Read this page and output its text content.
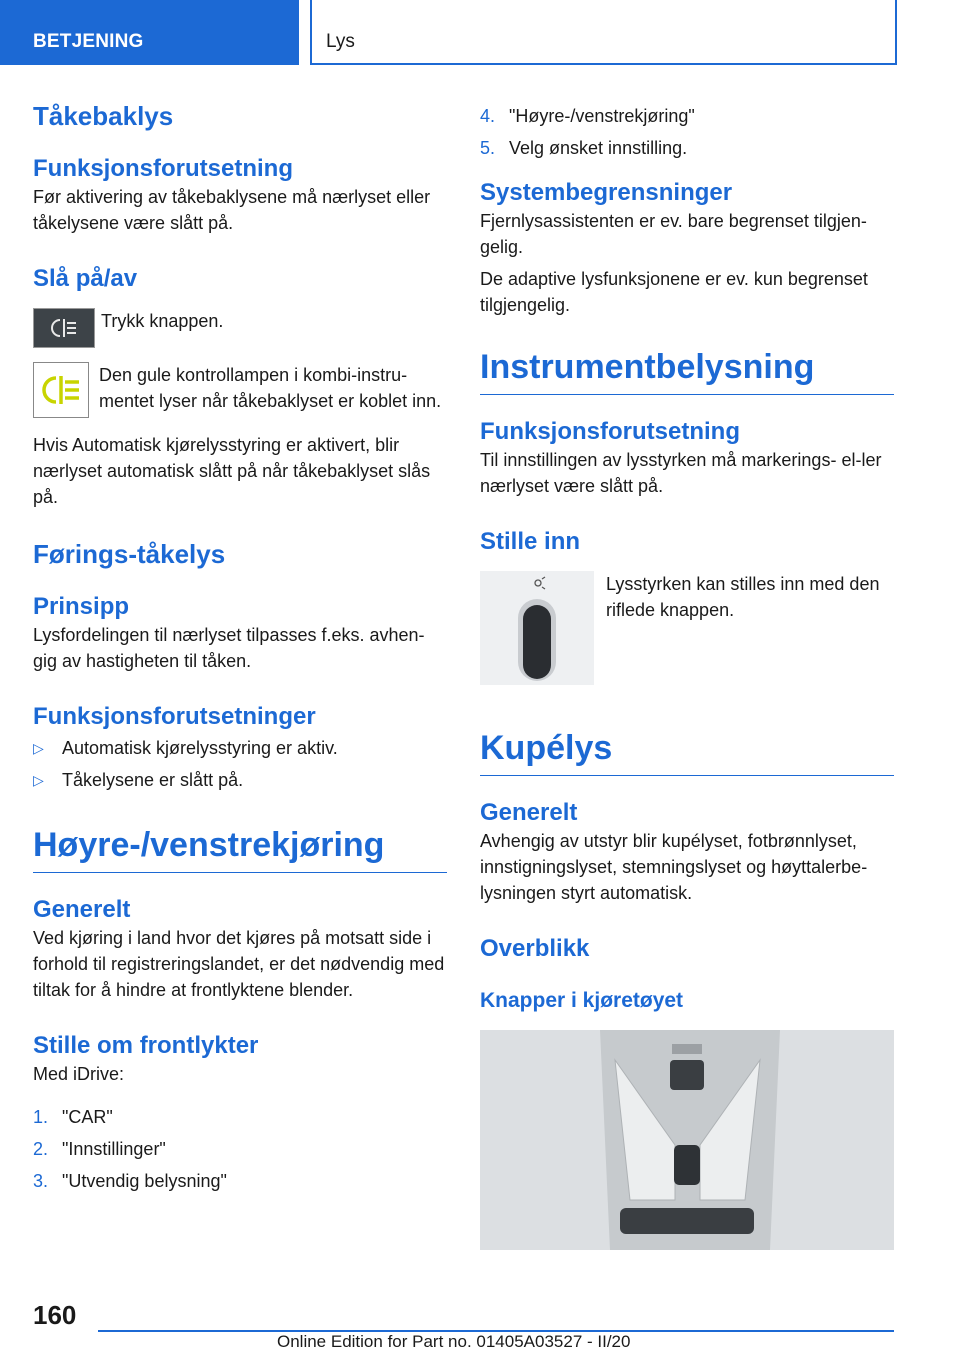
BETJENING	Lys
Tåkebaklys
Funksjonsforutsetning

Før aktivering av tåkebaklysene må nærlyset eller tåkelysene være slått på.

Slå på/av
Trykk knappen.
Den gule kontrollampen i kombi-instru-mentet lyser når tåkebaklyset er koblet inn.

Hvis Automatisk kjørelysstyring er aktivert, blir nærlyset automatisk slått på når tåkebaklyset slås på.

Førings-tåkelys
Prinsipp

Lysfordelingen til nærlyset tilpasses f.eks. avhen-gig av hastigheten til tåken.

Funksjonsforutsetninger
▷	Automatisk kjørelysstyring er aktiv.
▷	Tåkelysene er slått på.
Høyre-/venstrekjøring
Generelt

Ved kjøring i land hvor det kjøres på motsatt side i forhold til registreringslandet, er det nødvendig med tiltak for å hindre at frontlyktene blender.

Stille om frontlykter

Med iDrive:

1. "CAR"
2. "Innstillinger"
3. "Utvendig belysning"
4. "Høyre-/venstrekjøring"
5. Velg ønsket innstilling.
Systembegrensninger

Fjernlysassistenten er ev. bare begrenset tilgjen-gelig.

De adaptive lysfunksjonene er ev. kun begrenset tilgjengelig.

Instrumentbelysning
Funksjonsforutsetning

Til innstillingen av lysstyrken må markerings- el-ler nærlyset være slått på.

Stille inn
Lysstyrken kan stilles inn med den riflede knappen.
Kupélys
Generelt

Avhengig av utstyr blir kupélyset, fotbrønnlyset, innstigningslyset, stemningslyset og høyttalerbe-lysningen styrt automatisk.

Overblikk
Knapper i kjøretøyet
160
Online Edition for Part no. 01405A03527 - II/20
